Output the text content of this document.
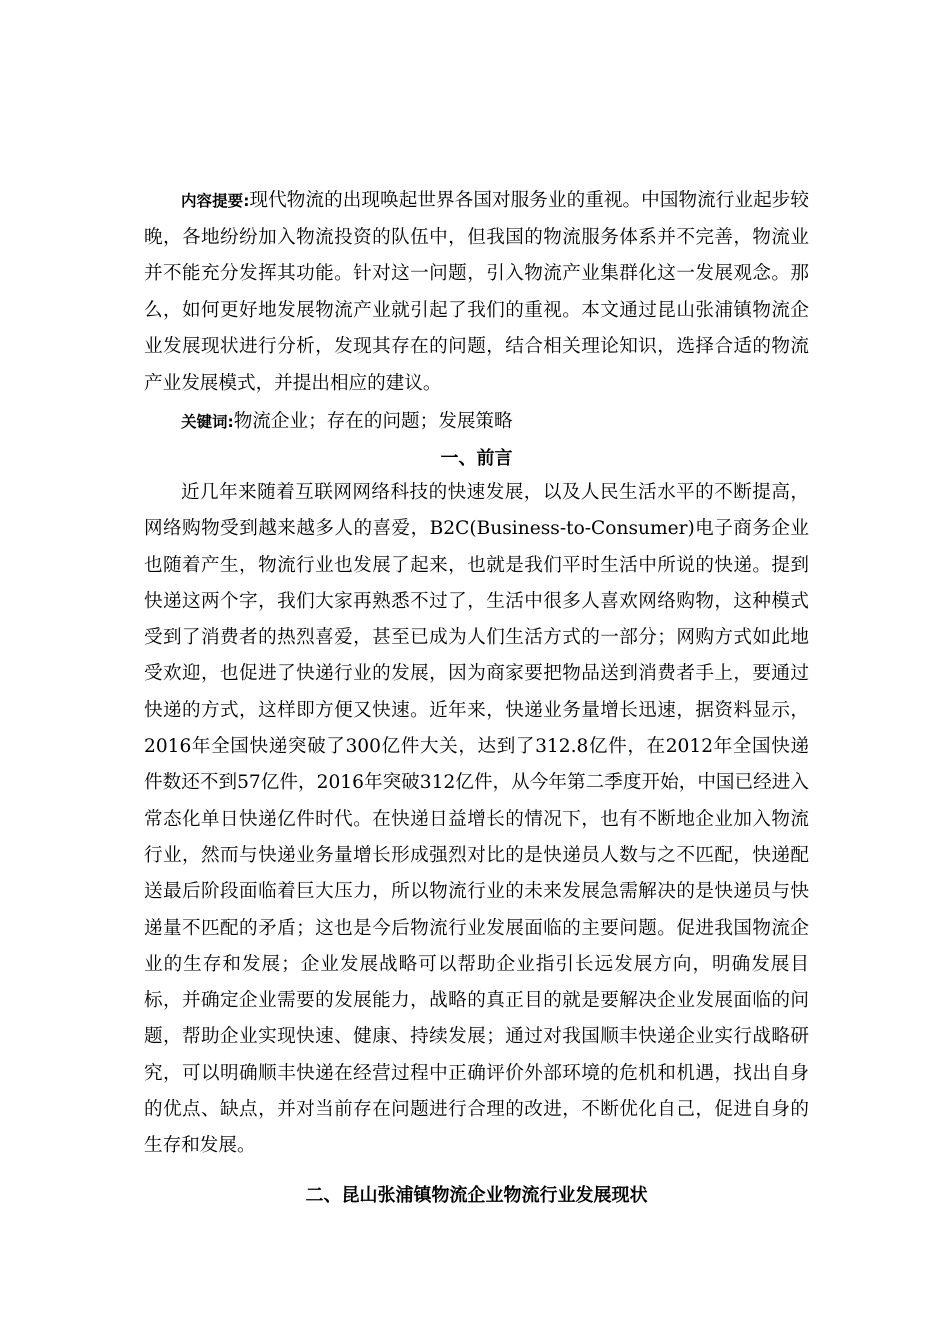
内容提要:现代物流的出现唤起世界各国对服务业的重视。中国物流行业起步较晚，各地纷纷加入物流投资的队伍中，但我国的物流服务体系并不完善，物流业并不能充分发挥其功能。针对这一问题，引入物流产业集群化这一发展观念。那么，如何更好地发展物流产业就引起了我们的重视。本文通过昆山张浦镇物流企业发展现状进行分析，发现其存在的问题，结合相关理论知识，选择合适的物流产业发展模式，并提出相应的建议。

关键词:物流企业；存在的问题；发展策略

一、前言

近几年来随着互联网网络科技的快速发展，以及人民生活水平的不断提高，网络购物受到越来越多人的喜爱，B2C(Business-to-Consumer)电子商务企业也随着产生，物流行业也发展了起来，也就是我们平时生活中所说的快递。提到快递这两个字，我们大家再熟悉不过了，生活中很多人喜欢网络购物，这种模式受到了消费者的热烈喜爱，甚至已成为人们生活方式的一部分；网购方式如此地受欢迎，也促进了快递行业的发展，因为商家要把物品送到消费者手上，要通过快递的方式，这样即方便又快速。近年来，快递业务量增长迅速，据资料显示，2016年全国快递突破了300亿件大关，达到了312.8亿件，在2012年全国快递件数还不到57亿件，2016年突破312亿件，从今年第二季度开始，中国已经进入常态化单日快递亿件时代。在快递日益增长的情况下，也有不断地企业加入物流行业，然而与快递业务量增长形成强烈对比的是快递员人数与之不匹配，快递配送最后阶段面临着巨大压力，所以物流行业的未来发展急需解决的是快递员与快递量不匹配的矛盾；这也是今后物流行业发展面临的主要问题。促进我国物流企业的生存和发展；企业发展战略可以帮助企业指引长远发展方向，明确发展目标，并确定企业需要的发展能力，战略的真正目的就是要解决企业发展面临的问题，帮助企业实现快速、健康、持续发展；通过对我国顺丰快递企业实行战略研究，可以明确顺丰快递在经营过程中正确评价外部环境的危机和机遇，找出自身的优点、缺点，并对当前存在问题进行合理的改进，不断优化自己，促进自身的生存和发展。

二、昆山张浦镇物流企业物流行业发展现状
